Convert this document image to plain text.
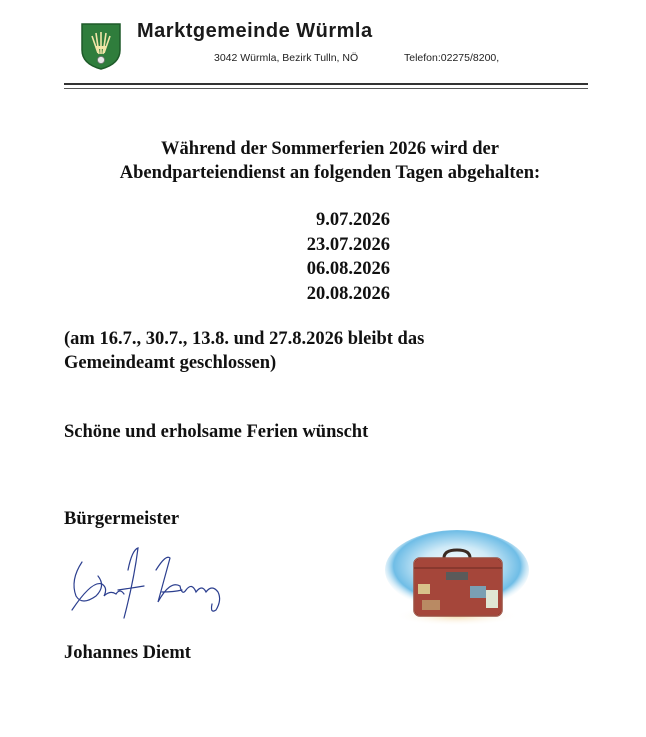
Marktgemeinde Würmla
3042 Würmla, Bezirk Tulln, NÖ	Telefon:02275/8200,
Während der Sommerferien 2026 wird der
Abendparteiendienst an folgenden Tagen abgehalten:
9.07.2026
23.07.2026
06.08.2026
20.08.2026
(am 16.7., 30.7., 13.8. und 27.8.2026 bleibt das
Gemeindeamt geschlossen)
Schöne und erholsame Ferien wünscht
Bürgermeister
Johannes Diemt
